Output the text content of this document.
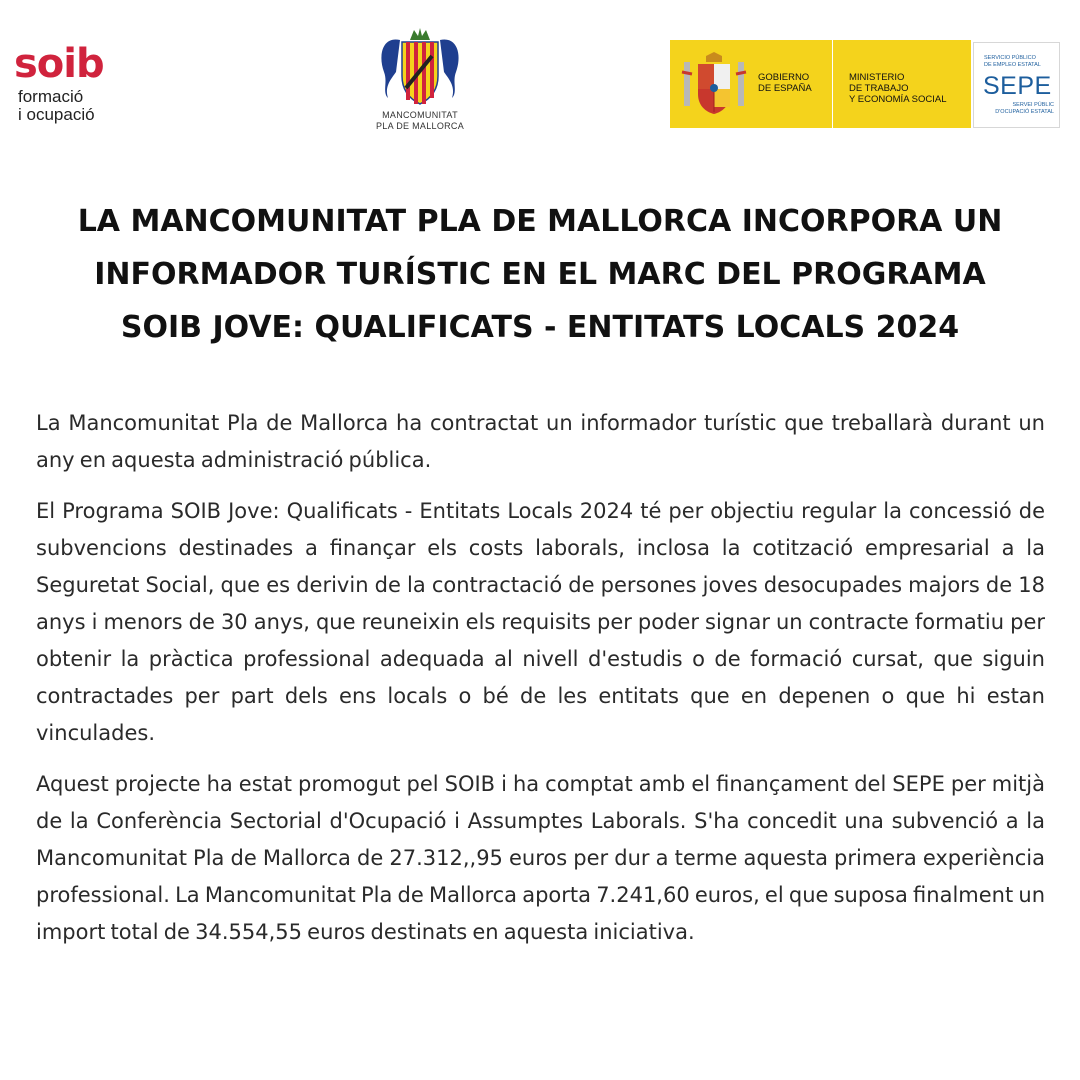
soib
formació
i ocupació	MANCOMUNITAT
PLA DE MALLORCA
GOBIERNO
DE ESPAÑA
MINISTERIO
DE TRABAJO
Y ECONOMÍA SOCIAL
SERVICIO PÚBLICO
DE EMPLEO ESTATAL
SEPE
SERVEI PÚBLIC
D'OCUPACIÓ ESTATAL
LA MANCOMUNITAT PLA DE MALLORCA INCORPORA UN
INFORMADOR TURÍSTIC EN EL MARC DEL PROGRAMA
SOIB JOVE: QUALIFICATS - ENTITATS LOCALS 2024

La Mancomunitat Pla de Mallorca ha contractat un informador turístic que treballarà durant un any en aquesta administració pública.

El Programa SOIB Jove: Qualificats - Entitats Locals 2024 té per objectiu regular la concessió de subvencions destinades a finançar els costs laborals, inclosa la cotització empresarial a la Seguretat Social, que es derivin de la contractació de persones joves desocupades majors de 18 anys i menors de 30 anys, que reuneixin els requisits per poder signar un contracte formatiu per obtenir la pràctica professional adequada al nivell d'estudis o de formació cursat, que siguin contractades per part dels ens locals o bé de les entitats que en depenen o que hi estan vinculades.

Aquest projecte ha estat promogut pel SOIB i ha comptat amb el finançament del SEPE per mitjà de la Conferència Sectorial d'Ocupació i Assumptes Laborals. S'ha concedit una subvenció a la Mancomunitat Pla de Mallorca de 27.312,,95 euros per dur a terme aquesta primera experiència professional. La Mancomunitat Pla de Mallorca aporta 7.241,60 euros, el que suposa finalment un import total de 34.554,55 euros destinats en aquesta iniciativa.
